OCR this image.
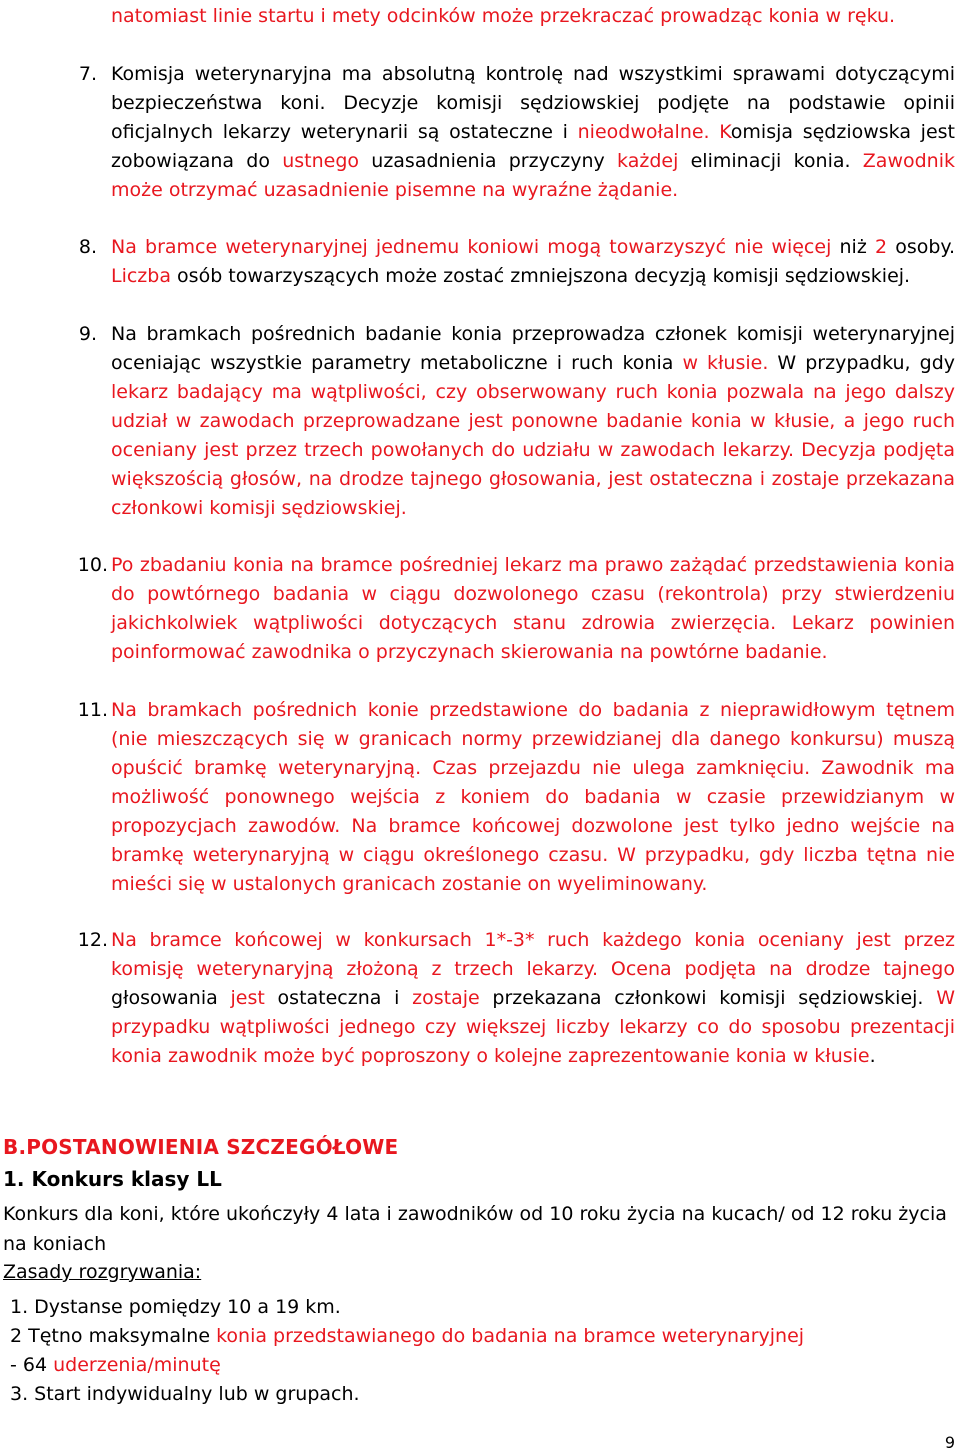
natomiast linie startu i mety odcinków może przekraczać prowadząc konia w ręku.
7. Komisja weterynaryjna ma absolutną kontrolę nad wszystkimi sprawami dotyczącymi bezpieczeństwa koni. Decyzje komisji sędziowskiej podjęte na podstawie opinii oficjalnych lekarzy weterynarii są ostateczne i nieodwołalne. Komisja sędziowska jest zobowiązana do ustnego uzasadnienia przyczyny każdej eliminacji konia. Zawodnik może otrzymać uzasadnienie pisemne na wyraźne żądanie.
8. Na bramce weterynaryjnej jednemu koniowi mogą towarzyszyć nie więcej niż 2 osoby. Liczba osób towarzyszących może zostać zmniejszona decyzją komisji sędziowskiej.
9. Na bramkach pośrednich badanie konia przeprowadza członek komisji weterynaryjnej oceniając wszystkie parametry metaboliczne i ruch konia w kłusie. W przypadku, gdy lekarz badający ma wątpliwości, czy obserwowany ruch konia pozwala na jego dalszy udział w zawodach przeprowadzane jest ponowne badanie konia w kłusie, a jego ruch oceniany jest przez trzech powołanych do udziału w zawodach lekarzy. Decyzja podjęta większością głosów, na drodze tajnego głosowania, jest ostateczna i zostaje przekazana członkowi komisji sędziowskiej.
10. Po zbadaniu konia na bramce pośredniej lekarz ma prawo zażądać przedstawienia konia do powtórnego badania w ciągu dozwolonego czasu (rekontrola) przy stwierdzeniu jakichkolwiek wątpliwości dotyczących stanu zdrowia zwierzęcia. Lekarz powinien poinformować zawodnika o przyczynach skierowania na powtórne badanie.
11. Na bramkach pośrednich konie przedstawione do badania z nieprawidłowym tętnem (nie mieszczących się w granicach normy przewidzianej dla danego konkursu) muszą opuścić bramkę weterynaryjną. Czas przejazdu nie ulega zamknięciu. Zawodnik ma możliwość ponownego wejścia z koniem do badania w czasie przewidzianym w propozycjach zawodów. Na bramce końcowej dozwolone jest tylko jedno wejście na bramkę weterynaryjną w ciągu określonego czasu. W przypadku, gdy liczba tętna nie mieści się w ustalonych granicach zostanie on wyeliminowany.
12. Na bramce końcowej w konkursach 1*-3* ruch każdego konia oceniany jest przez komisję weterynaryjną złożoną z trzech lekarzy. Ocena podjęta na drodze tajnego głosowania jest ostateczna i zostaje przekazana członkowi komisji sędziowskiej. W przypadku wątpliwości jednego czy większej liczby lekarzy co do sposobu prezentacji konia zawodnik może być poproszony o kolejne zaprezentowanie konia w kłusie.
B.POSTANOWIENIA SZCZEGÓŁOWE
1. Konkurs klasy LL
Konkurs dla koni, które ukończyły 4 lata i zawodników od 10 roku życia na kucach/ od 12 roku życia na koniach
Zasady rozgrywania:
1. Dystanse pomiędzy 10 a 19 km.
2 Tętno maksymalne konia przedstawianego do badania na bramce weterynaryjnej
- 64 uderzenia/minutę
3. Start indywidualny lub w grupach.
9
